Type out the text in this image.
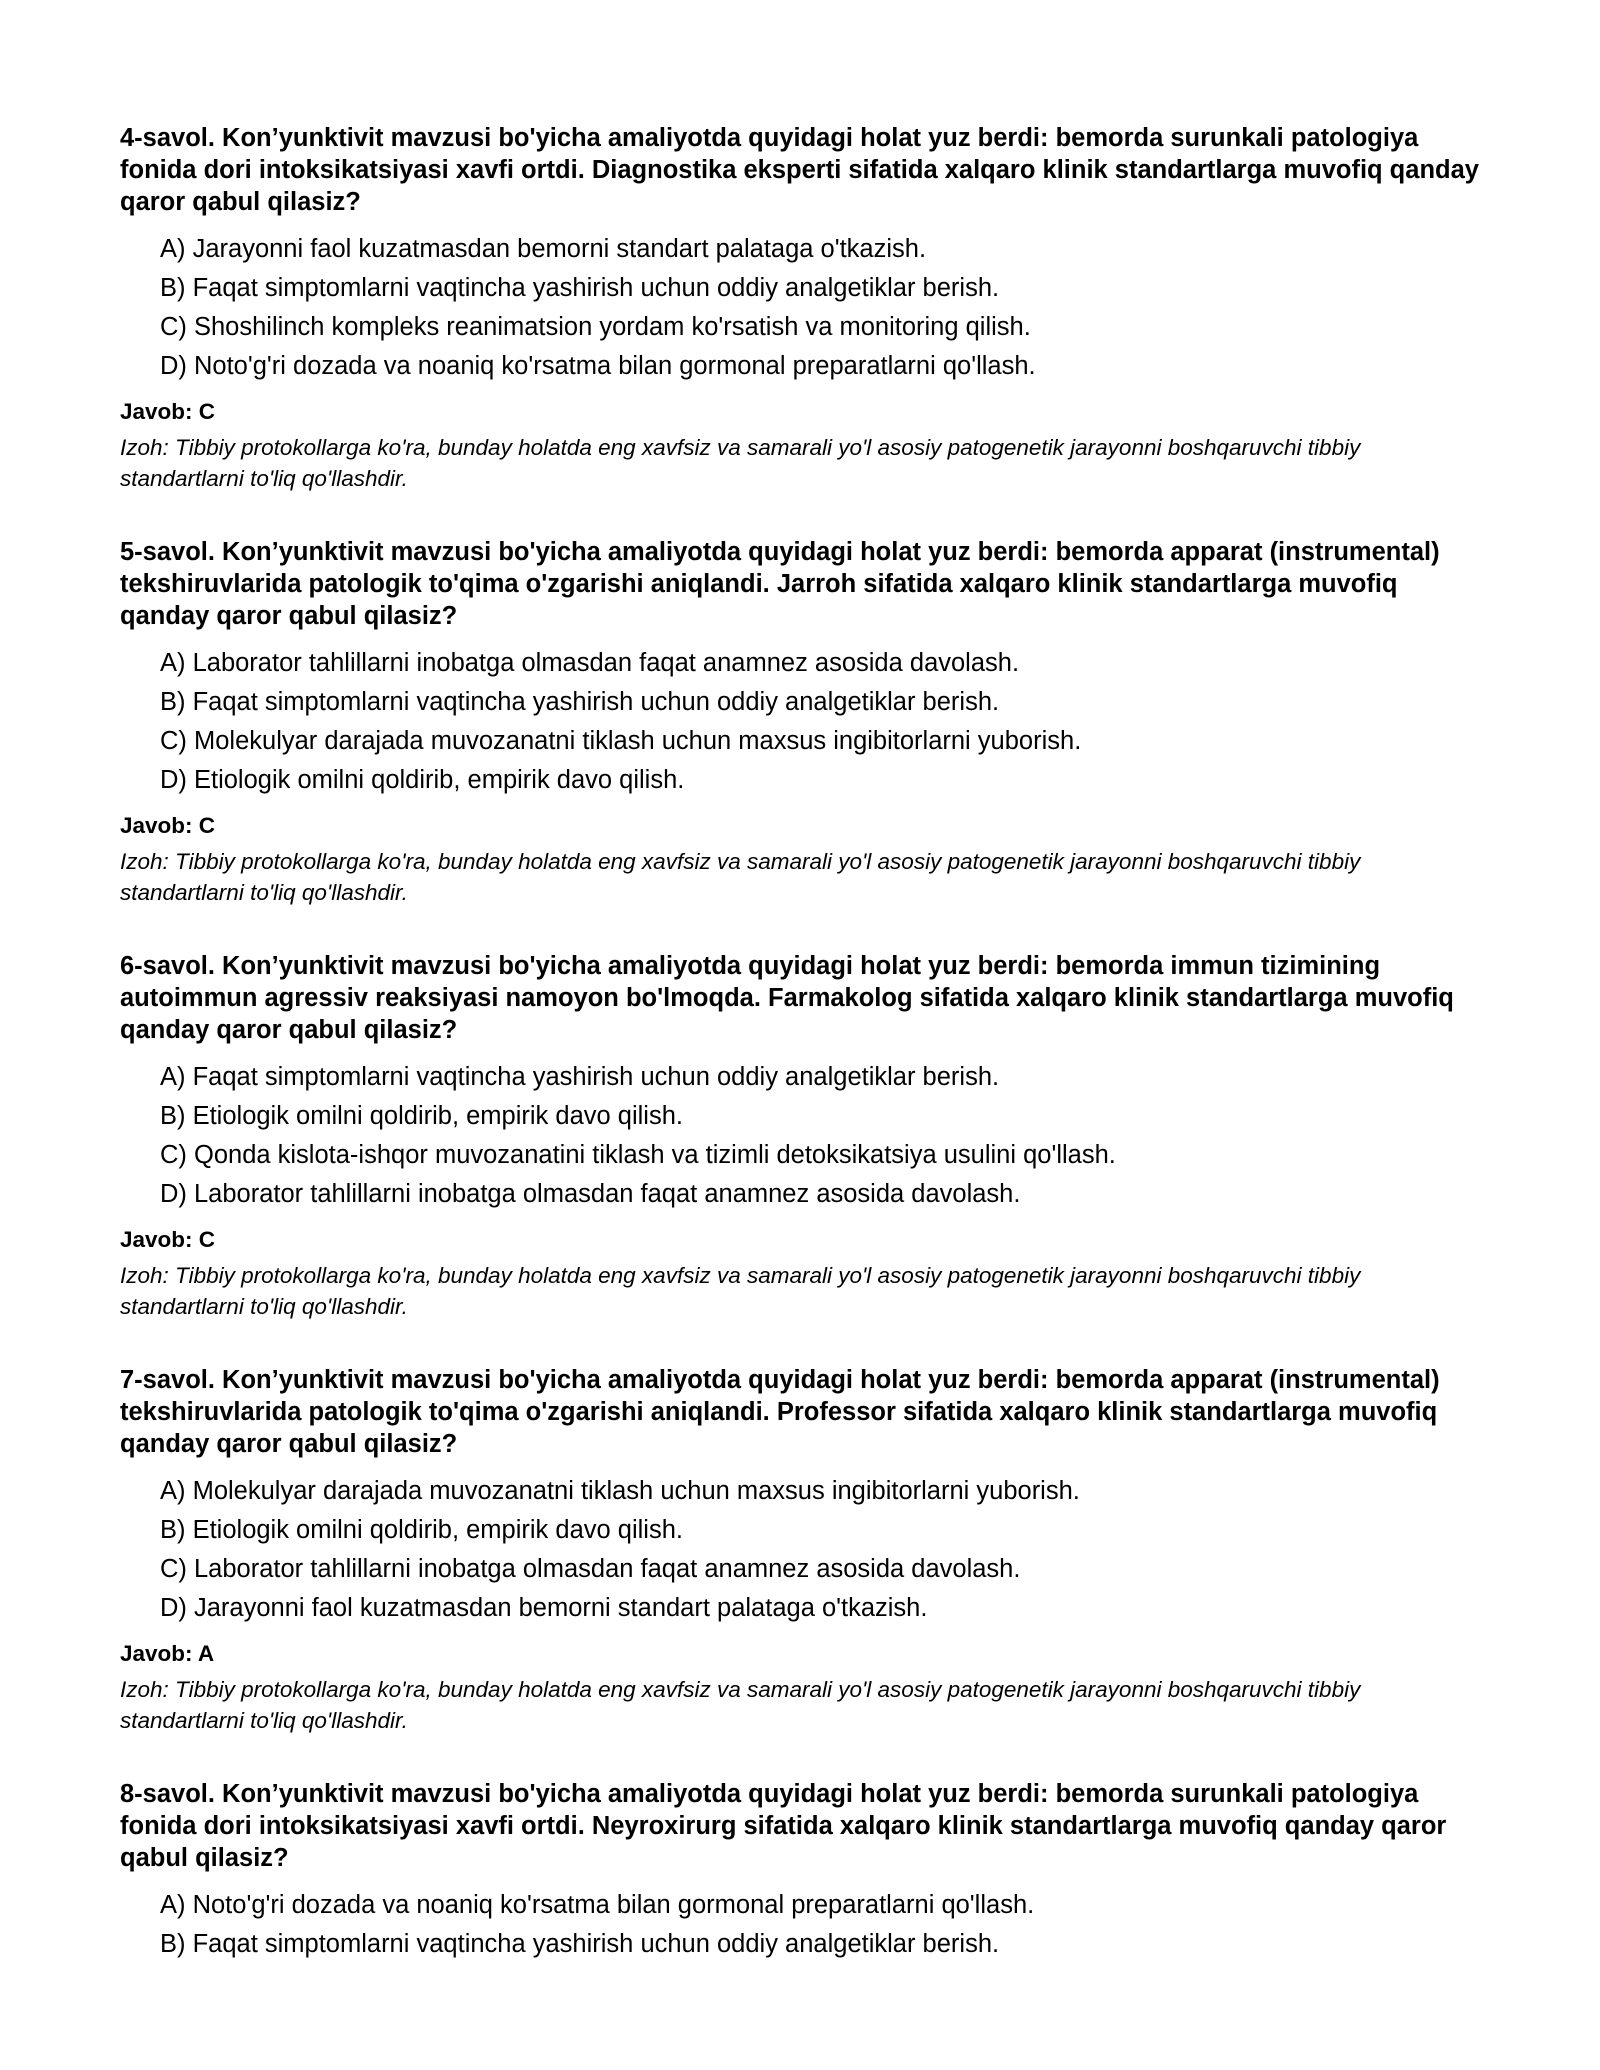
4-savol. Kon’yunktivit mavzusi bo'yicha amaliyotda quyidagi holat yuz berdi: bemorda surunkali patologiya fonida dori intoksikatsiyasi xavfi ortdi. Diagnostika eksperti sifatida xalqaro klinik standartlarga muvofiq qanday qaror qabul qilasiz?

A) Jarayonni faol kuzatmasdan bemorni standart palataga o'tkazish.
B) Faqat simptomlarni vaqtincha yashirish uchun oddiy analgetiklar berish.
C) Shoshilinch kompleks reanimatsion yordam ko'rsatish va monitoring qilish.
D) Noto'g'ri dozada va noaniq ko'rsatma bilan gormonal preparatlarni qo'llash.

Javob: C

Izoh: Tibbiy protokollarga ko'ra, bunday holatda eng xavfsiz va samarali yo'l asosiy patogenetik jarayonni boshqaruvchi tibbiy standartlarni to'liq qo'llashdir.

5-savol. Kon’yunktivit mavzusi bo'yicha amaliyotda quyidagi holat yuz berdi: bemorda apparat (instrumental) tekshiruvlarida patologik to'qima o'zgarishi aniqlandi. Jarroh sifatida xalqaro klinik standartlarga muvofiq qanday qaror qabul qilasiz?

A) Laborator tahlillarni inobatga olmasdan faqat anamnez asosida davolash.
B) Faqat simptomlarni vaqtincha yashirish uchun oddiy analgetiklar berish.
C) Molekulyar darajada muvozanatni tiklash uchun maxsus ingibitorlarni yuborish.
D) Etiologik omilni qoldirib, empirik davo qilish.

Javob: C

Izoh: Tibbiy protokollarga ko'ra, bunday holatda eng xavfsiz va samarali yo'l asosiy patogenetik jarayonni boshqaruvchi tibbiy standartlarni to'liq qo'llashdir.

6-savol. Kon’yunktivit mavzusi bo'yicha amaliyotda quyidagi holat yuz berdi: bemorda immun tizimining autoimmun agressiv reaksiyasi namoyon bo'lmoqda. Farmakolog sifatida xalqaro klinik standartlarga muvofiq qanday qaror qabul qilasiz?

A) Faqat simptomlarni vaqtincha yashirish uchun oddiy analgetiklar berish.
B) Etiologik omilni qoldirib, empirik davo qilish.
C) Qonda kislota-ishqor muvozanatini tiklash va tizimli detoksikatsiya usulini qo'llash.
D) Laborator tahlillarni inobatga olmasdan faqat anamnez asosida davolash.

Javob: C

Izoh: Tibbiy protokollarga ko'ra, bunday holatda eng xavfsiz va samarali yo'l asosiy patogenetik jarayonni boshqaruvchi tibbiy standartlarni to'liq qo'llashdir.

7-savol. Kon’yunktivit mavzusi bo'yicha amaliyotda quyidagi holat yuz berdi: bemorda apparat (instrumental) tekshiruvlarida patologik to'qima o'zgarishi aniqlandi. Professor sifatida xalqaro klinik standartlarga muvofiq qanday qaror qabul qilasiz?

A) Molekulyar darajada muvozanatni tiklash uchun maxsus ingibitorlarni yuborish.
B) Etiologik omilni qoldirib, empirik davo qilish.
C) Laborator tahlillarni inobatga olmasdan faqat anamnez asosida davolash.
D) Jarayonni faol kuzatmasdan bemorni standart palataga o'tkazish.

Javob: A

Izoh: Tibbiy protokollarga ko'ra, bunday holatda eng xavfsiz va samarali yo'l asosiy patogenetik jarayonni boshqaruvchi tibbiy standartlarni to'liq qo'llashdir.

8-savol. Kon’yunktivit mavzusi bo'yicha amaliyotda quyidagi holat yuz berdi: bemorda surunkali patologiya fonida dori intoksikatsiyasi xavfi ortdi. Neyroxirurg sifatida xalqaro klinik standartlarga muvofiq qanday qaror qabul qilasiz?

A) Noto'g'ri dozada va noaniq ko'rsatma bilan gormonal preparatlarni qo'llash.
B) Faqat simptomlarni vaqtincha yashirish uchun oddiy analgetiklar berish.
